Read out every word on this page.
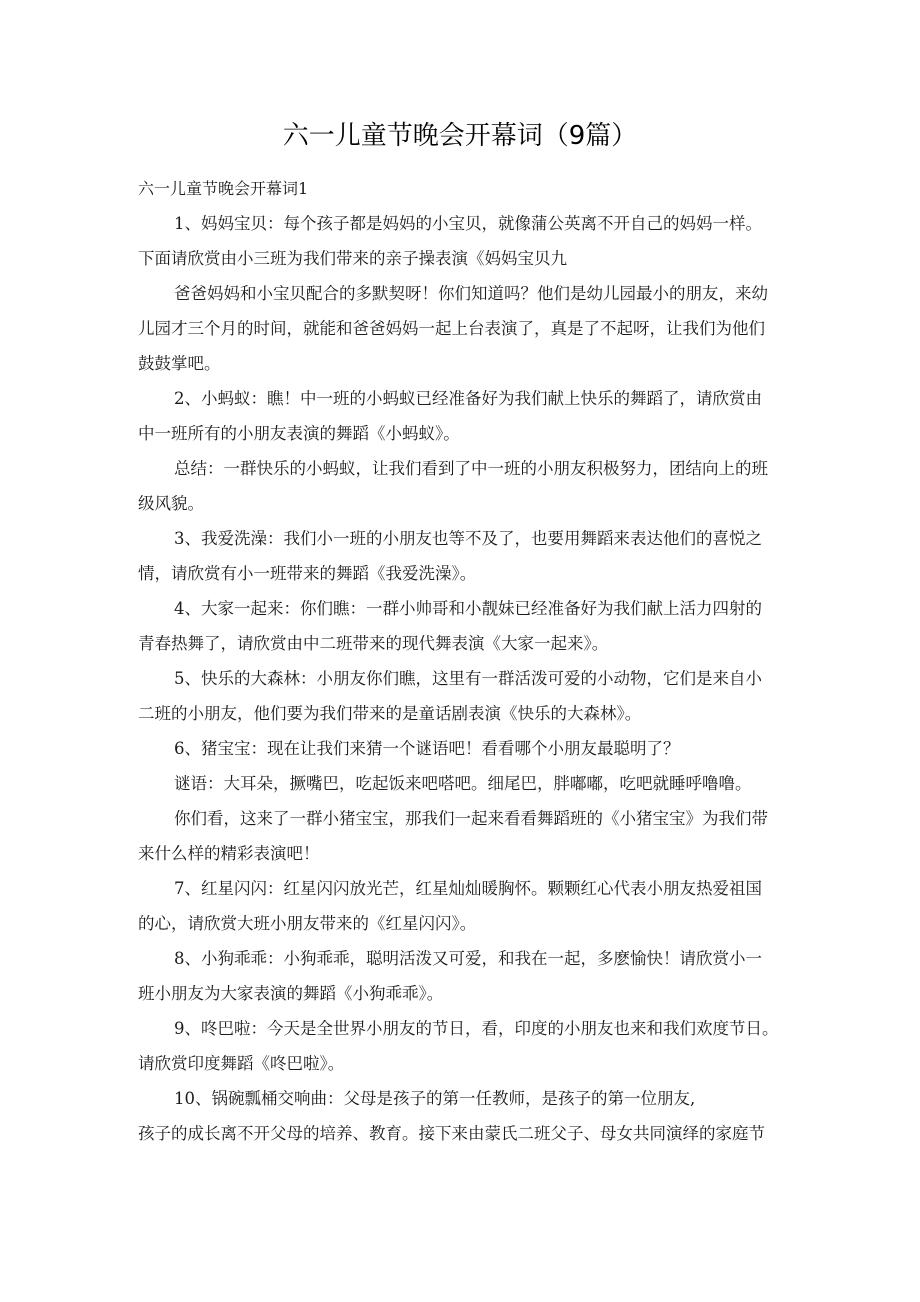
六一儿童节晚会开幕词（9篇）

六一儿童节晚会开幕词1

1、妈妈宝贝：每个孩子都是妈妈的小宝贝，就像蒲公英离不开自己的妈妈一样。

下面请欣赏由小三班为我们带来的亲子操表演《妈妈宝贝九

爸爸妈妈和小宝贝配合的多默契呀！你们知道吗？他们是幼儿园最小的朋友，来幼

儿园才三个月的时间，就能和爸爸妈妈一起上台表演了，真是了不起呀，让我们为他们

鼓鼓掌吧。

2、小蚂蚁：瞧！中一班的小蚂蚁已经准备好为我们献上快乐的舞蹈了，请欣赏由

中一班所有的小朋友表演的舞蹈《小蚂蚁》。

总结：一群快乐的小蚂蚁，让我们看到了中一班的小朋友积极努力，团结向上的班

级风貌。

3、我爱洗澡：我们小一班的小朋友也等不及了，也要用舞蹈来表达他们的喜悦之

情，请欣赏有小一班带来的舞蹈《我爱洗澡》。

4、大家一起来：你们瞧：一群小帅哥和小靓妹已经准备好为我们献上活力四射的

青春热舞了，请欣赏由中二班带来的现代舞表演《大家一起来》。

5、快乐的大森林：小朋友你们瞧，这里有一群活泼可爱的小动物，它们是来自小

二班的小朋友，他们要为我们带来的是童话剧表演《快乐的大森林》。

6、猪宝宝：现在让我们来猜一个谜语吧！看看哪个小朋友最聪明了？

谜语：大耳朵，撅嘴巴，吃起饭来吧嗒吧。细尾巴，胖嘟嘟，吃吧就睡呼噜噜。

你们看，这来了一群小猪宝宝，那我们一起来看看舞蹈班的《小猪宝宝》为我们带

来什么样的精彩表演吧！

7、红星闪闪：红星闪闪放光芒，红星灿灿暖胸怀。颗颗红心代表小朋友热爱祖国

的心，请欣赏大班小朋友带来的《红星闪闪》。

8、小狗乖乖：小狗乖乖，聪明活泼又可爱，和我在一起，多麽愉快！请欣赏小一

班小朋友为大家表演的舞蹈《小狗乖乖》。

9、咚巴啦：今天是全世界小朋友的节日，看，印度的小朋友也来和我们欢度节日。

请欣赏印度舞蹈《咚巴啦》。

10、锅碗瓢桶交响曲：父母是孩子的第一任教师，是孩子的第一位朋友,

孩子的成长离不开父母的培养、教育。接下来由蒙氏二班父子、母女共同演绎的家庭节
